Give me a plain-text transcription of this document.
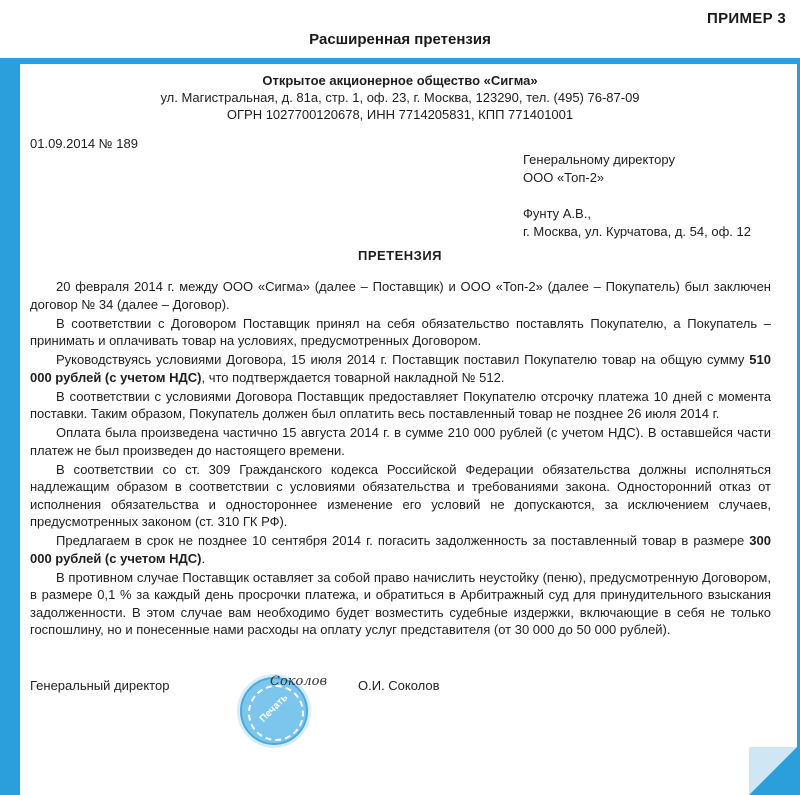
ПРИМЕР 3
Расширенная претензия
Открытое акционерное общество «Сигма»
ул. Магистральная, д. 81а, стр. 1, оф. 23, г. Москва, 123290, тел. (495) 76-87-09
ОГРН 1027700120678, ИНН 7714205831, КПП 771401001
01.09.2014 № 189
Генеральному директору
ООО «Топ-2»
Фунту А.В.,
г. Москва, ул. Курчатова, д. 54, оф. 12
ПРЕТЕНЗИЯ

20 февраля 2014 г. между ООО «Сигма» (далее – Поставщик) и ООО «Топ-2» (далее – Покупатель) был заключен договор № 34 (далее – Договор).

В соответствии с Договором Поставщик принял на себя обязательство поставлять Покупателю, а Покупатель – принимать и оплачивать товар на условиях, предусмотренных Договором.

Руководствуясь условиями Договора, 15 июля 2014 г. Поставщик поставил Покупателю товар на общую сумму 510 000 рублей (с учетом НДС), что подтверждается товарной накладной № 512.

В соответствии с условиями Договора Поставщик предоставляет Покупателю отсрочку платежа 10 дней с момента поставки. Таким образом, Покупатель должен был оплатить весь поставленный товар не позднее 26 июля 2014 г.

Оплата была произведена частично 15 августа 2014 г. в сумме 210 000 рублей (с учетом НДС). В оставшейся части платеж не был произведен до настоящего времени.

В соответствии со ст. 309 Гражданского кодекса Российской Федерации обязательства должны исполняться надлежащим образом в соответствии с условиями обязательства и требованиями закона. Односторонний отказ от исполнения обязательства и одностороннее изменение его условий не допускаются, за исключением случаев, предусмотренных законом (ст. 310 ГК РФ).

Предлагаем в срок не позднее 10 сентября 2014 г. погасить задолженность за поставленный товар в размере 300 000 рублей (с учетом НДС).

В противном случае Поставщик оставляет за собой право начислить неустойку (пеню), предусмотренную Договором, в размере 0,1 % за каждый день просрочки платежа, и обратиться в Арбитражный суд для принудительного взыскания задолженности. В этом случае вам необходимо будет возместить судебные издержки, включающие в себя не только госпошлину, но и понесенные нами расходы на оплату услуг представителя (от 30 000 до 50 000 рублей).

Генеральный директор
Печать
Соколов О.И. Соколов
